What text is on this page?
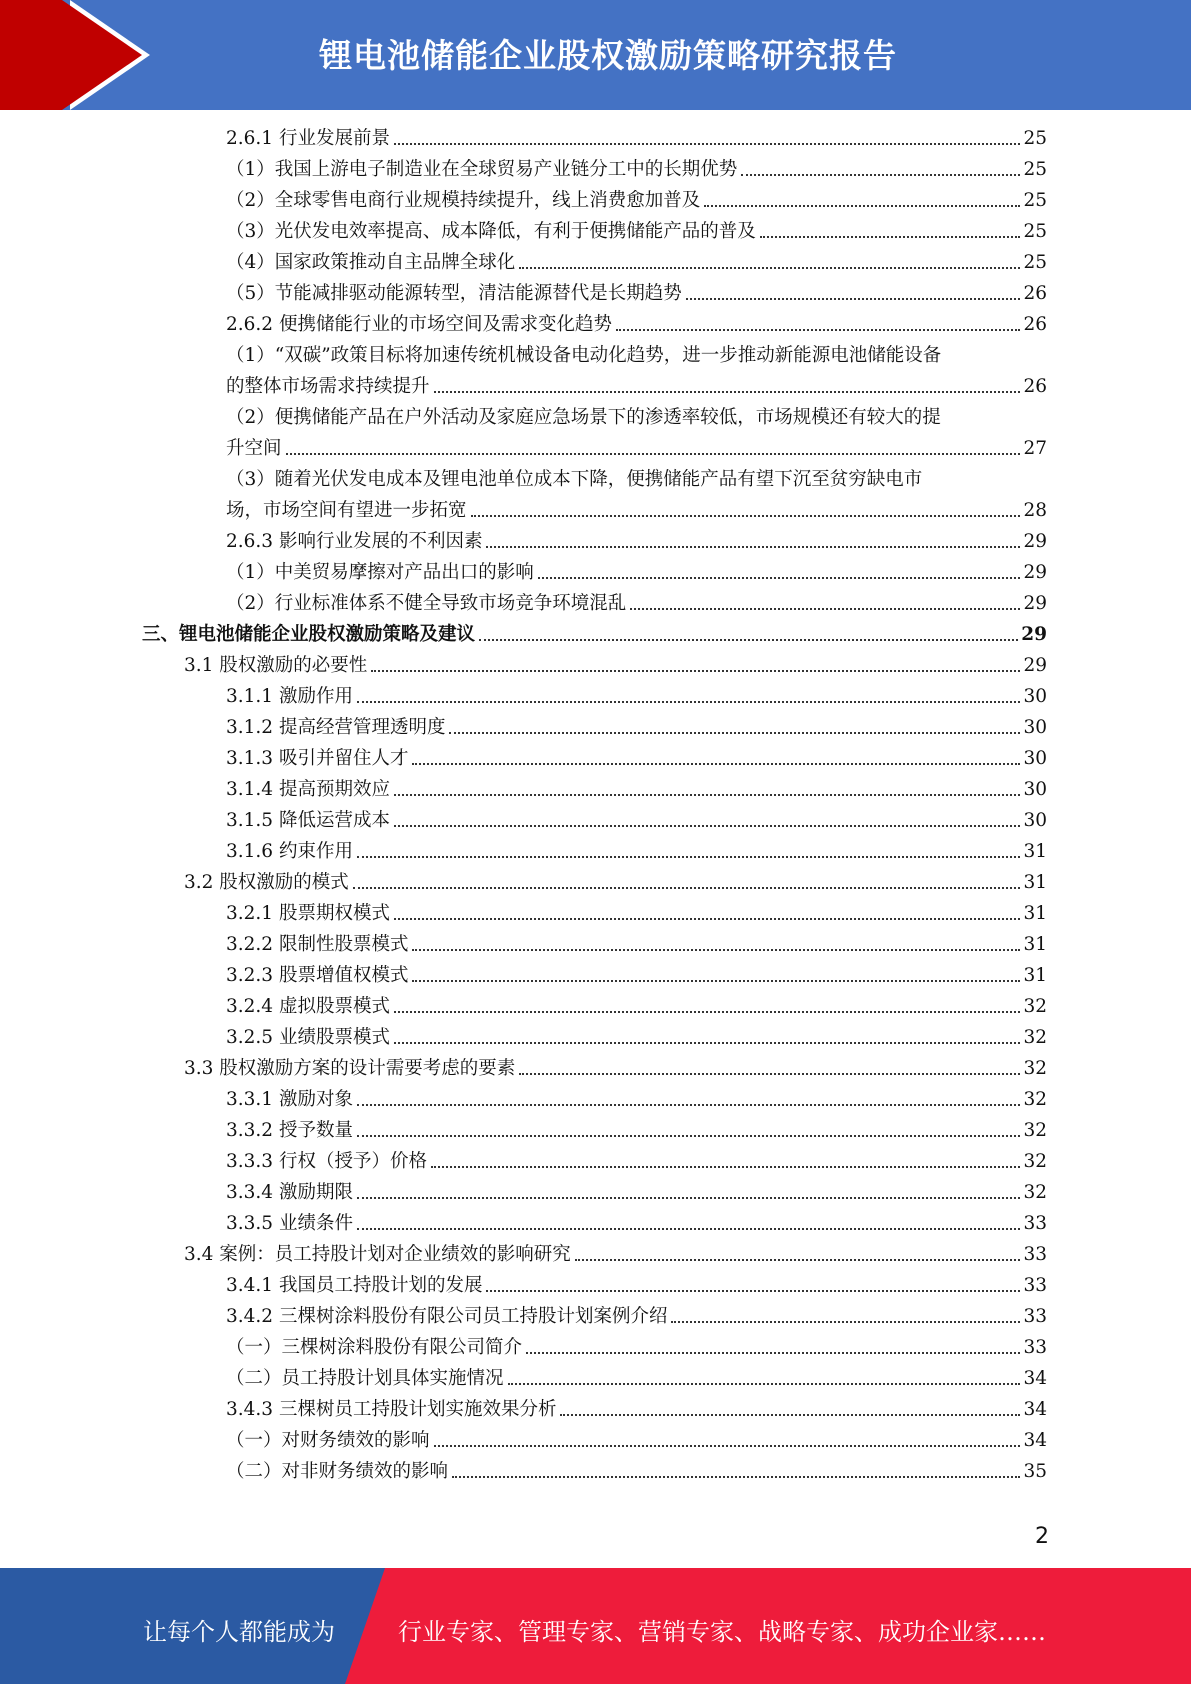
锂电池储能企业股权激励策略研究报告
2.6.1 行业发展前景	25
（1）我国上游电子制造业在全球贸易产业链分工中的长期优势	25
（2）全球零售电商行业规模持续提升，线上消费愈加普及	25
（3）光伏发电效率提高、成本降低，有利于便携储能产品的普及	25
（4）国家政策推动自主品牌全球化	25
（5）节能减排驱动能源转型，清洁能源替代是长期趋势	26
2.6.2 便携储能行业的市场空间及需求变化趋势	26
（1）“双碳”政策目标将加速传统机械设备电动化趋势，进一步推动新能源电池储能设备
的整体市场需求持续提升	26
（2）便携储能产品在户外活动及家庭应急场景下的渗透率较低，市场规模还有较大的提
升空间	27
（3）随着光伏发电成本及锂电池单位成本下降，便携储能产品有望下沉至贫穷缺电市
场，市场空间有望进一步拓宽	28
2.6.3 影响行业发展的不利因素	29
（1）中美贸易摩擦对产品出口的影响	29
（2）行业标准体系不健全导致市场竞争环境混乱	29
三、锂电池储能企业股权激励策略及建议	29
3.1 股权激励的必要性	29
3.1.1 激励作用	30
3.1.2 提高经营管理透明度	30
3.1.3 吸引并留住人才	30
3.1.4 提高预期效应	30
3.1.5 降低运营成本	30
3.1.6 约束作用	31
3.2 股权激励的模式	31
3.2.1 股票期权模式	31
3.2.2 限制性股票模式	31
3.2.3 股票增值权模式	31
3.2.4 虚拟股票模式	32
3.2.5 业绩股票模式	32
3.3 股权激励方案的设计需要考虑的要素	32
3.3.1 激励对象	32
3.3.2 授予数量	32
3.3.3 行权（授予）价格	32
3.3.4 激励期限	32
3.3.5 业绩条件	33
3.4 案例：员工持股计划对企业绩效的影响研究	33
3.4.1 我国员工持股计划的发展	33
3.4.2 三棵树涂料股份有限公司员工持股计划案例介绍	33
（一）三棵树涂料股份有限公司简介	33
（二）员工持股计划具体实施情况	34
3.4.3 三棵树员工持股计划实施效果分析	34
（一）对财务绩效的影响	34
（二）对非财务绩效的影响	35
2
让每个人都能成为	行业专家、管理专家、营销专家、战略专家、成功企业家……
